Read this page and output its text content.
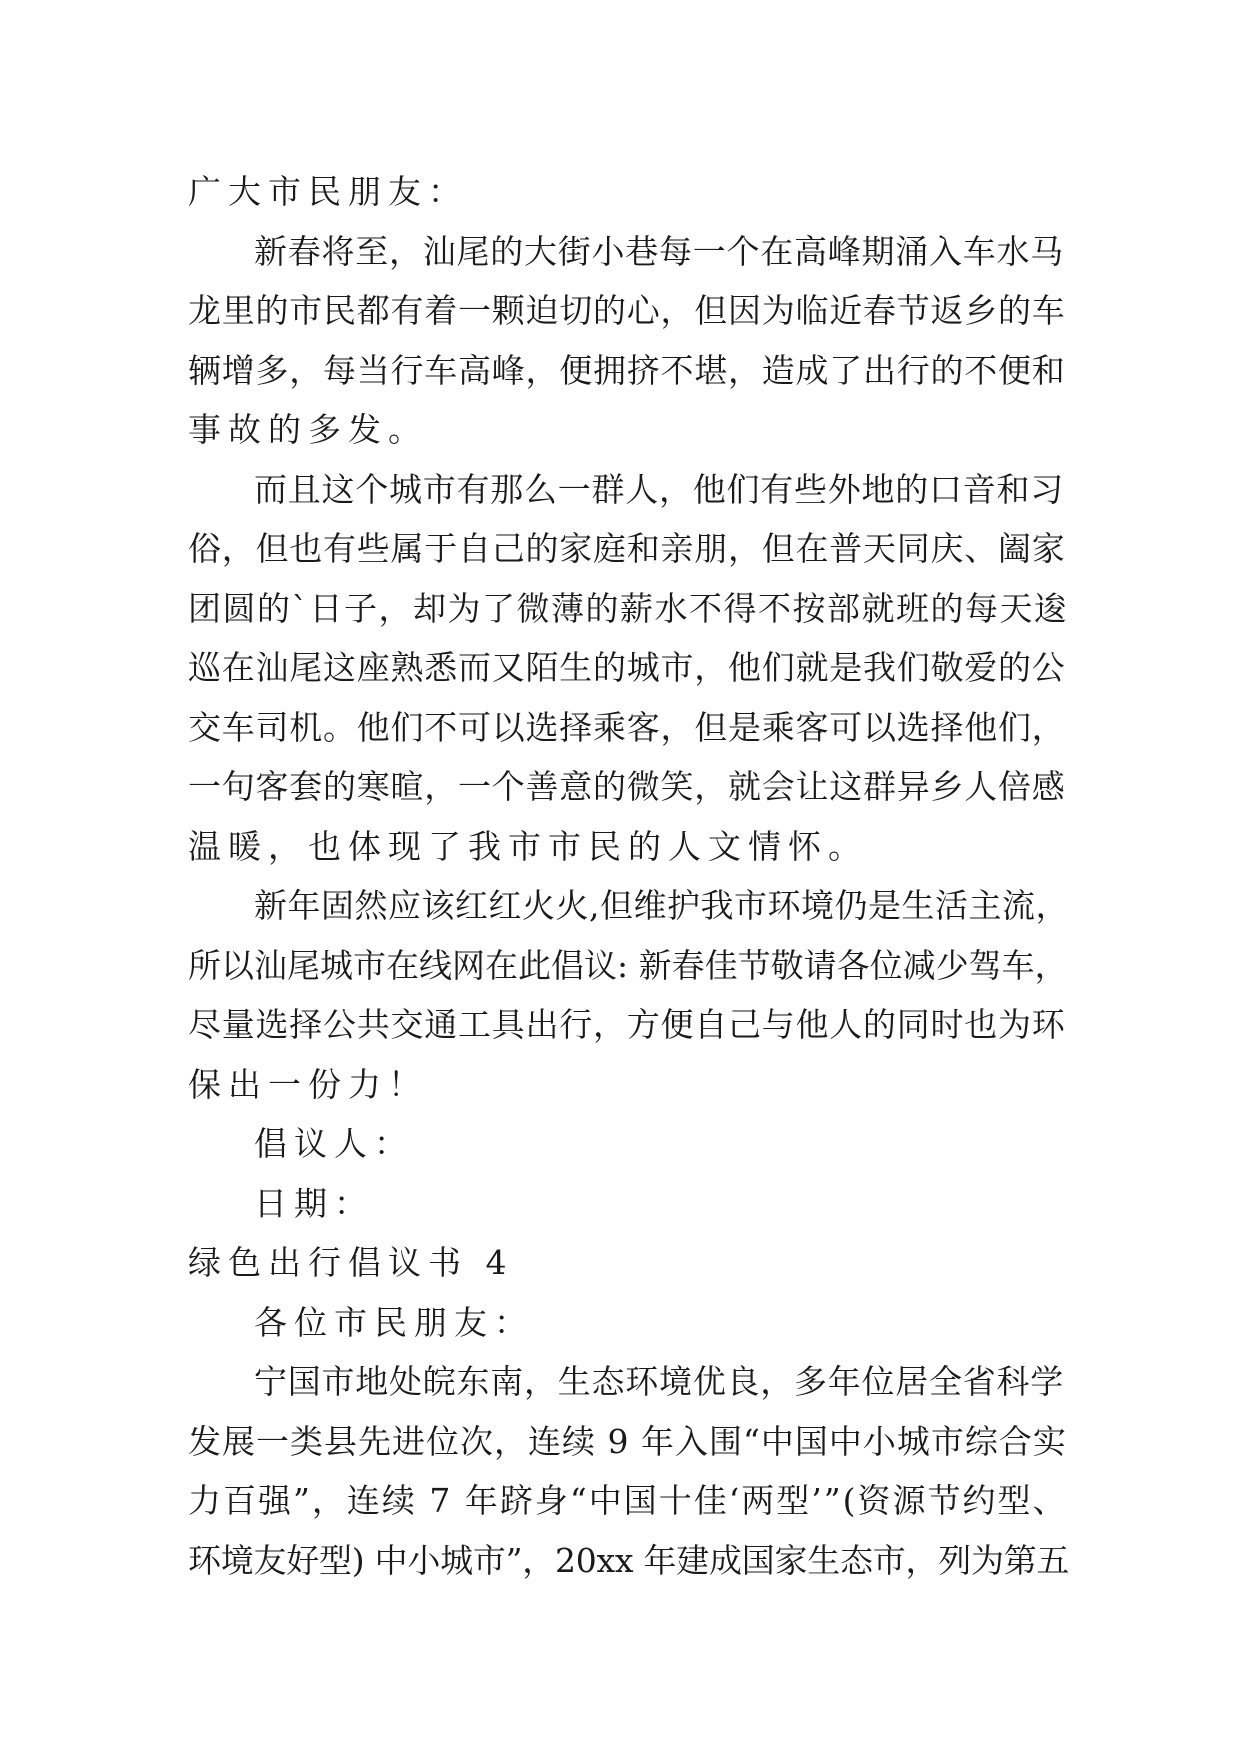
广大市民朋友：
新春将至，汕尾的大街小巷每一个在高峰期涌入车水马
龙里的市民都有着一颗迫切的心，但因为临近春节返乡的车
辆增多，每当行车高峰，便拥挤不堪，造成了出行的不便和
事故的多发。
而且这个城市有那么一群人，他们有些外地的口音和习
俗，但也有些属于自己的家庭和亲朋，但在普天同庆、阖家
团圆的`日子，却为了微薄的薪水不得不按部就班的每天逡
巡在汕尾这座熟悉而又陌生的城市，他们就是我们敬爱的公
交车司机。他们不可以选择乘客，但是乘客可以选择他们，
一句客套的寒暄，一个善意的微笑，就会让这群异乡人倍感
温暖，也体现了我市市民的人文情怀。
新年固然应该红红火火,但维护我市环境仍是生活主流，
所以汕尾城市在线网在此倡议: 新春佳节敬请各位减少驾车，
尽量选择公共交通工具出行，方便自己与他人的同时也为环
保出一份力！
倡议人：
日期：
绿色出行倡议书 4
各位市民朋友：
宁国市地处皖东南，生态环境优良，多年位居全省科学
发展一类县先进位次，连续 9 年入围“中国中小城市综合实
力百强”，连续 7 年跻身“中国十佳‘两型’”(资源节约型、
环境友好型) 中小城市”，20xx 年建成国家生态市，列为第五
